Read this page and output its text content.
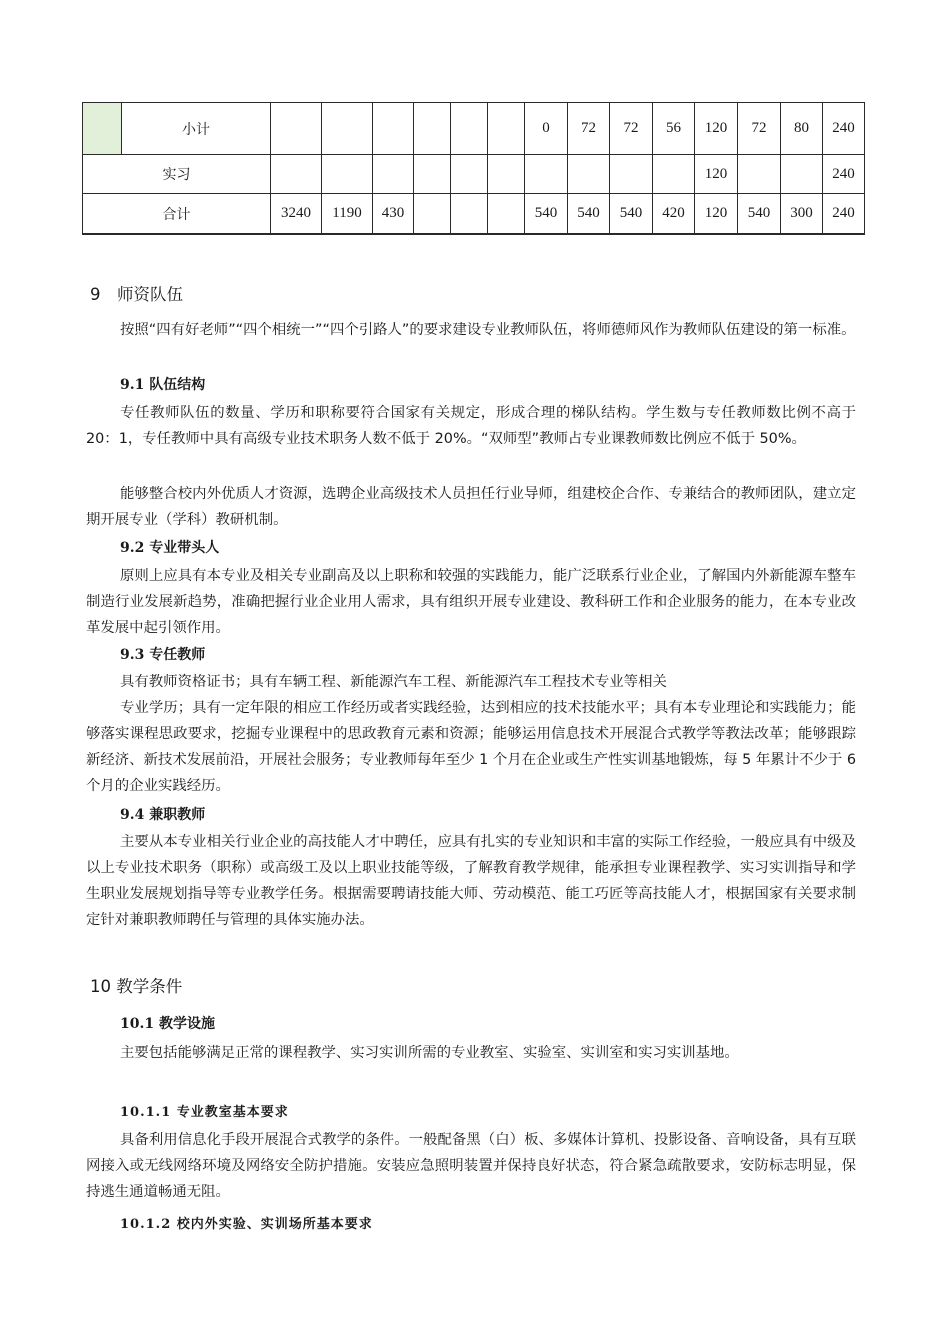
	小计							0	72	72	56	120	72	80	240
实习												120			240
合计		3240	1190	430				540	540	540	420	120	540	300	240
9　师资队伍

按照“四有好老师”“四个相统一”“四个引路人”的要求建设专业教师队伍，将师德师风作为教师队伍建设的第一标准。

9.1 队伍结构

专任教师队伍的数量、学历和职称要符合国家有关规定，形成合理的梯队结构。学生数与专任教师数比例不高于 20：1，专任教师中具有高级专业技术职务人数不低于 20%。“双师型”教师占专业课教师数比例应不低于 50%。

能够整合校内外优质人才资源，选聘企业高级技术人员担任行业导师，组建校企合作、专兼结合的教师团队，建立定期开展专业（学科）教研机制。

9.2 专业带头人

原则上应具有本专业及相关专业副高及以上职称和较强的实践能力，能广泛联系行业企业，了解国内外新能源车整车制造行业发展新趋势，准确把握行业企业用人需求，具有组织开展专业建设、教科研工作和企业服务的能力，在本专业改革发展中起引领作用。

9.3 专任教师

具有教师资格证书；具有车辆工程、新能源汽车工程、新能源汽车工程技术专业等相关

专业学历；具有一定年限的相应工作经历或者实践经验，达到相应的技术技能水平；具有本专业理论和实践能力；能够落实课程思政要求，挖掘专业课程中的思政教育元素和资源；能够运用信息技术开展混合式教学等教法改革；能够跟踪新经济、新技术发展前沿，开展社会服务；专业教师每年至少 1 个月在企业或生产性实训基地锻炼，每 5 年累计不少于 6 个月的企业实践经历。

9.4 兼职教师

主要从本专业相关行业企业的高技能人才中聘任，应具有扎实的专业知识和丰富的实际工作经验，一般应具有中级及以上专业技术职务（职称）或高级工及以上职业技能等级，了解教育教学规律，能承担专业课程教学、实习实训指导和学生职业发展规划指导等专业教学任务。根据需要聘请技能大师、劳动模范、能工巧匠等高技能人才，根据国家有关要求制定针对兼职教师聘任与管理的具体实施办法。

10 教学条件
10.1 教学设施

主要包括能够满足正常的课程教学、实习实训所需的专业教室、实验室、实训室和实习实训基地。

10.1.1 专业教室基本要求

具备利用信息化手段开展混合式教学的条件。一般配备黑（白）板、多媒体计算机、投影设备、音响设备，具有互联网接入或无线网络环境及网络安全防护措施。安装应急照明装置并保持良好状态，符合紧急疏散要求，安防标志明显，保持逃生通道畅通无阻。

10.1.2 校内外实验、实训场所基本要求
